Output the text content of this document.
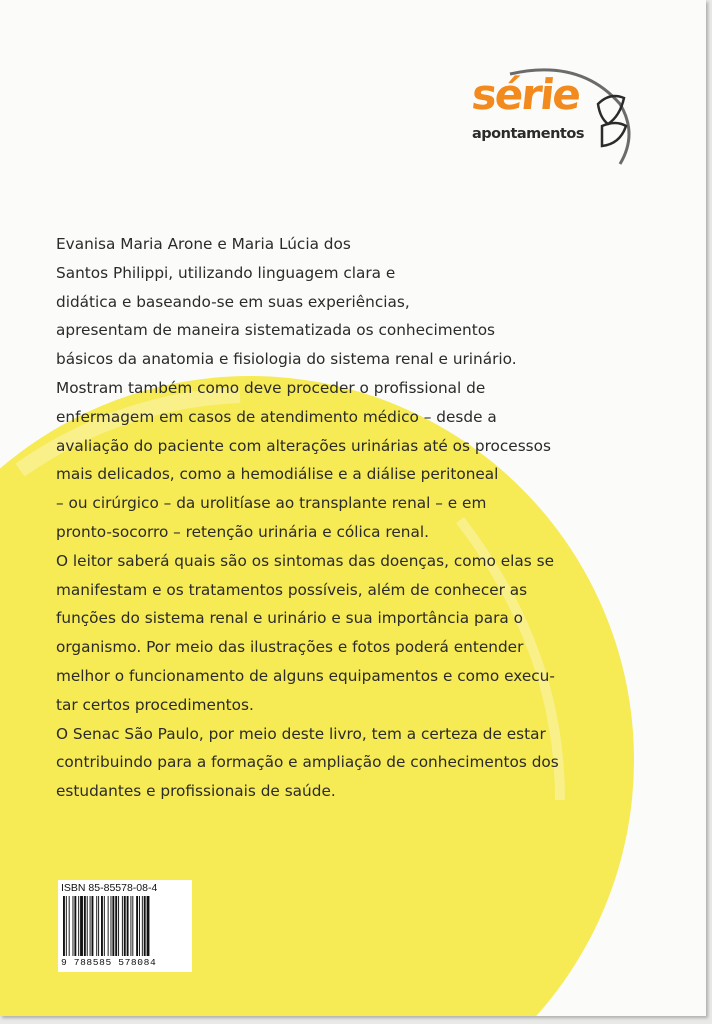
série
apontamentos
Evanisa Maria Arone e Maria Lúcia dos
Santos Philippi, utilizando linguagem clara e
didática e baseando-se em suas experiências,
apresentam de maneira sistematizada os conhecimentos
básicos da anatomia e fisiologia do sistema renal e urinário.
Mostram também como deve proceder o profissional de
enfermagem em casos de atendimento médico – desde a
avaliação do paciente com alterações urinárias até os processos
mais delicados, como a hemodiálise e a diálise peritoneal
– ou cirúrgico – da urolitíase ao transplante renal – e em
pronto-socorro – retenção urinária e cólica renal.
O leitor saberá quais são os sintomas das doenças, como elas se
manifestam e os tratamentos possíveis, além de conhecer as
funções do sistema renal e urinário e sua importância para o
organismo. Por meio das ilustrações e fotos poderá entender
melhor o funcionamento de alguns equipamentos e como execu-
tar certos procedimentos.
O Senac São Paulo, por meio deste livro, tem a certeza de estar
contribuindo para a formação e ampliação de conhecimentos dos
estudantes e profissionais de saúde.
ISBN 85-85578-08-4
9 788585 578084
